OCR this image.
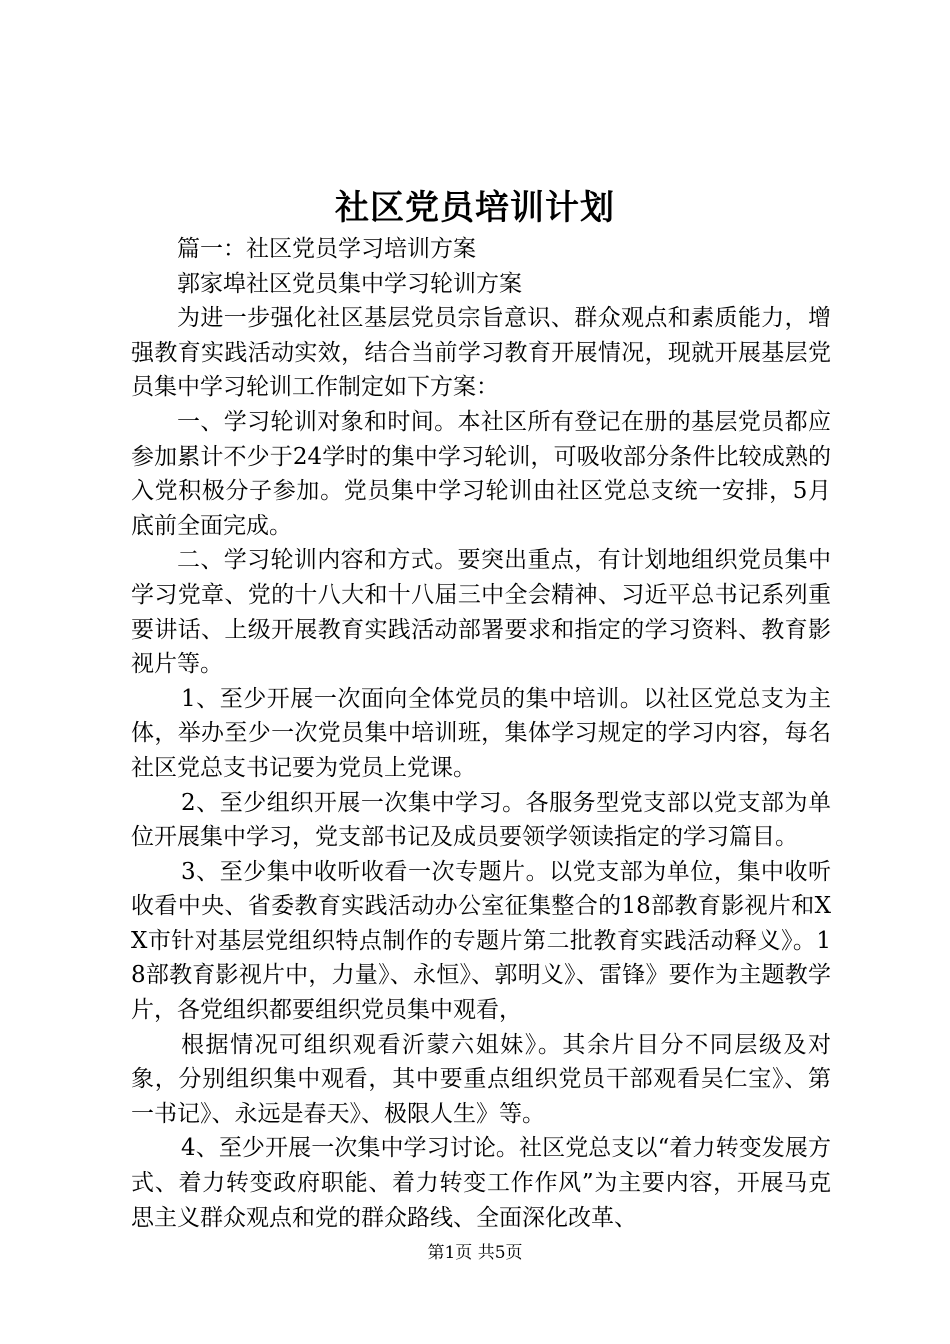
社区党员培训计划

篇一：社区党员学习培训方案

郭家埠社区党员集中学习轮训方案

为进一步强化社区基层党员宗旨意识、群众观点和素质能力，增强教育实践活动实效，结合当前学习教育开展情况，现就开展基层党员集中学习轮训工作制定如下方案：

一、学习轮训对象和时间。本社区所有登记在册的基层党员都应参加累计不少于24学时的集中学习轮训，可吸收部分条件比较成熟的入党积极分子参加。党员集中学习轮训由社区党总支统一安排，5月底前全面完成。

二、学习轮训内容和方式。要突出重点，有计划地组织党员集中学习党章、党的十八大和十八届三中全会精神、习近平总书记系列重要讲话、上级开展教育实践活动部署要求和指定的学习资料、教育影视片等。

1、至少开展一次面向全体党员的集中培训。以社区党总支为主体，举办至少一次党员集中培训班，集体学习规定的学习内容，每名社区党总支书记要为党员上党课。

2、至少组织开展一次集中学习。各服务型党支部以党支部为单位开展集中学习，党支部书记及成员要领学领读指定的学习篇目。

3、至少集中收听收看一次专题片。以党支部为单位，集中收听收看中央、省委教育实践活动办公室征集整合的18部教育影视片和XX市针对基层党组织特点制作的专题片第二批教育实践活动释义》。18部教育影视片中，力量》、永恒》、郭明义》、雷锋》要作为主题教学片，各党组织都要组织党员集中观看，

根据情况可组织观看沂蒙六姐妹》。其余片目分不同层级及对象，分别组织集中观看，其中要重点组织党员干部观看吴仁宝》、第一书记》、永远是春天》、极限人生》等。

4、至少开展一次集中学习讨论。社区党总支以“着力转变发展方式、着力转变政府职能、着力转变工作作风”为主要内容，开展马克思主义群众观点和党的群众路线、全面深化改革、

第1页 共5页
